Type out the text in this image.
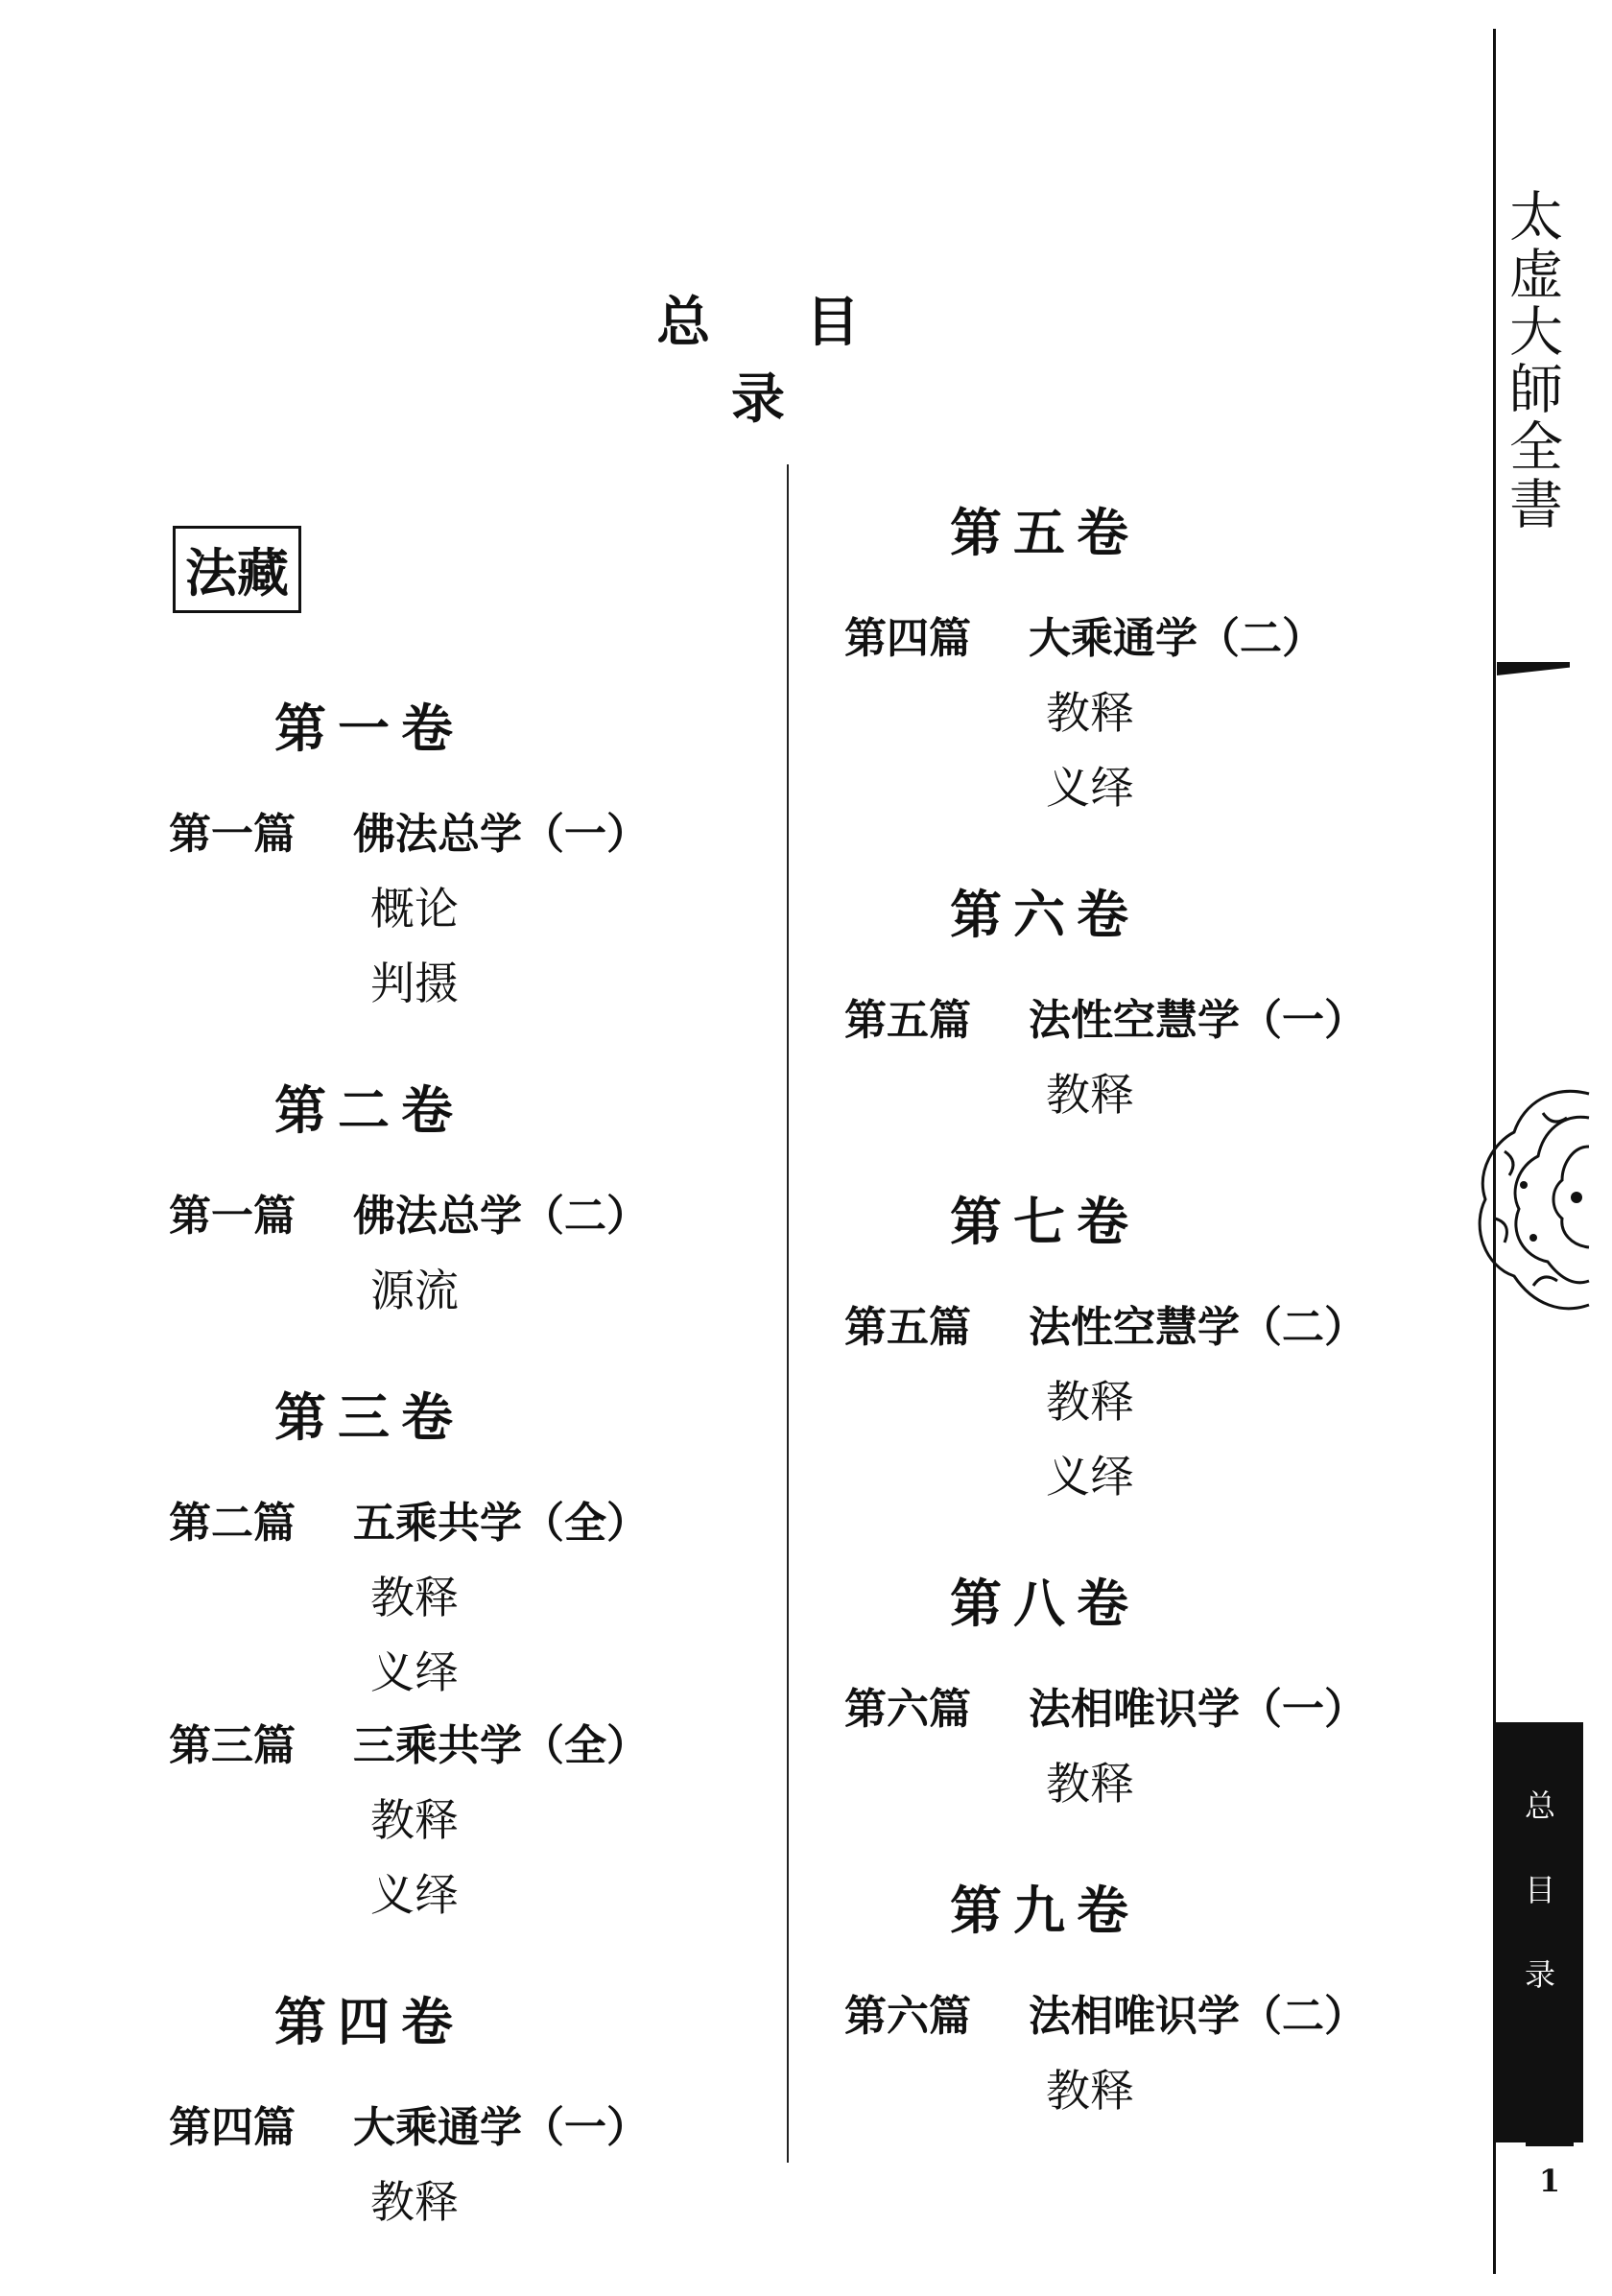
总 目 录
法藏
第一卷
第一篇 佛法总学（一）
概论
判摄
第二卷
第一篇 佛法总学（二）
源流
第三卷
第二篇 五乘共学（全）
教释
义绎
第三篇 三乘共学（全）
教释
义绎
第四卷
第四篇 大乘通学（一）
教释
第五卷
第四篇 大乘通学（二）
教释
义绎
第六卷
第五篇 法性空慧学（一）
教释
第七卷
第五篇 法性空慧学（二）
教释
义绎
第八卷
第六篇 法相唯识学（一）
教释
第九卷
第六篇 法相唯识学（二）
教释
太虚大師全書
总目录
1
